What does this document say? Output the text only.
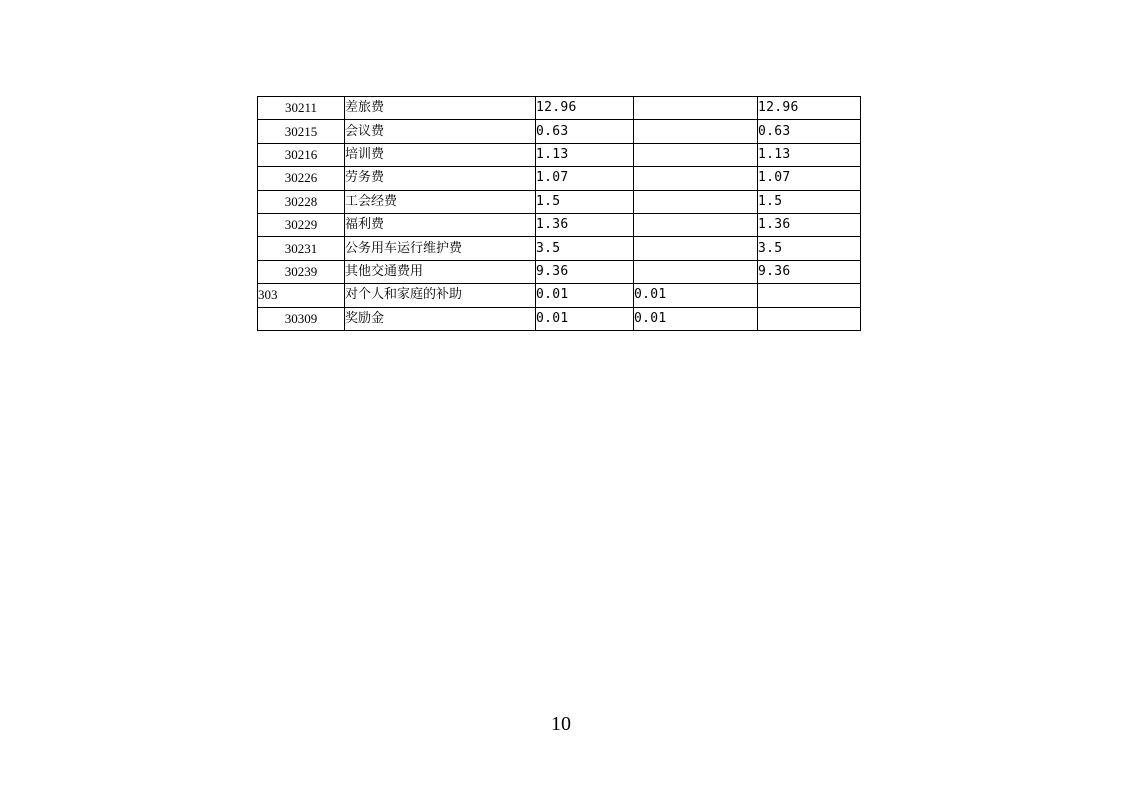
30211	差旅费	12.96		12.96
30215	会议费	0.63		0.63
30216	培训费	1.13		1.13
30226	劳务费	1.07		1.07
30228	工会经费	1.5		1.5
30229	福利费	1.36		1.36
30231	公务用车运行维护费	3.5		3.5
30239	其他交通费用	9.36		9.36
303	对个人和家庭的补助	0.01	0.01	
30309	奖励金	0.01	0.01	
10
